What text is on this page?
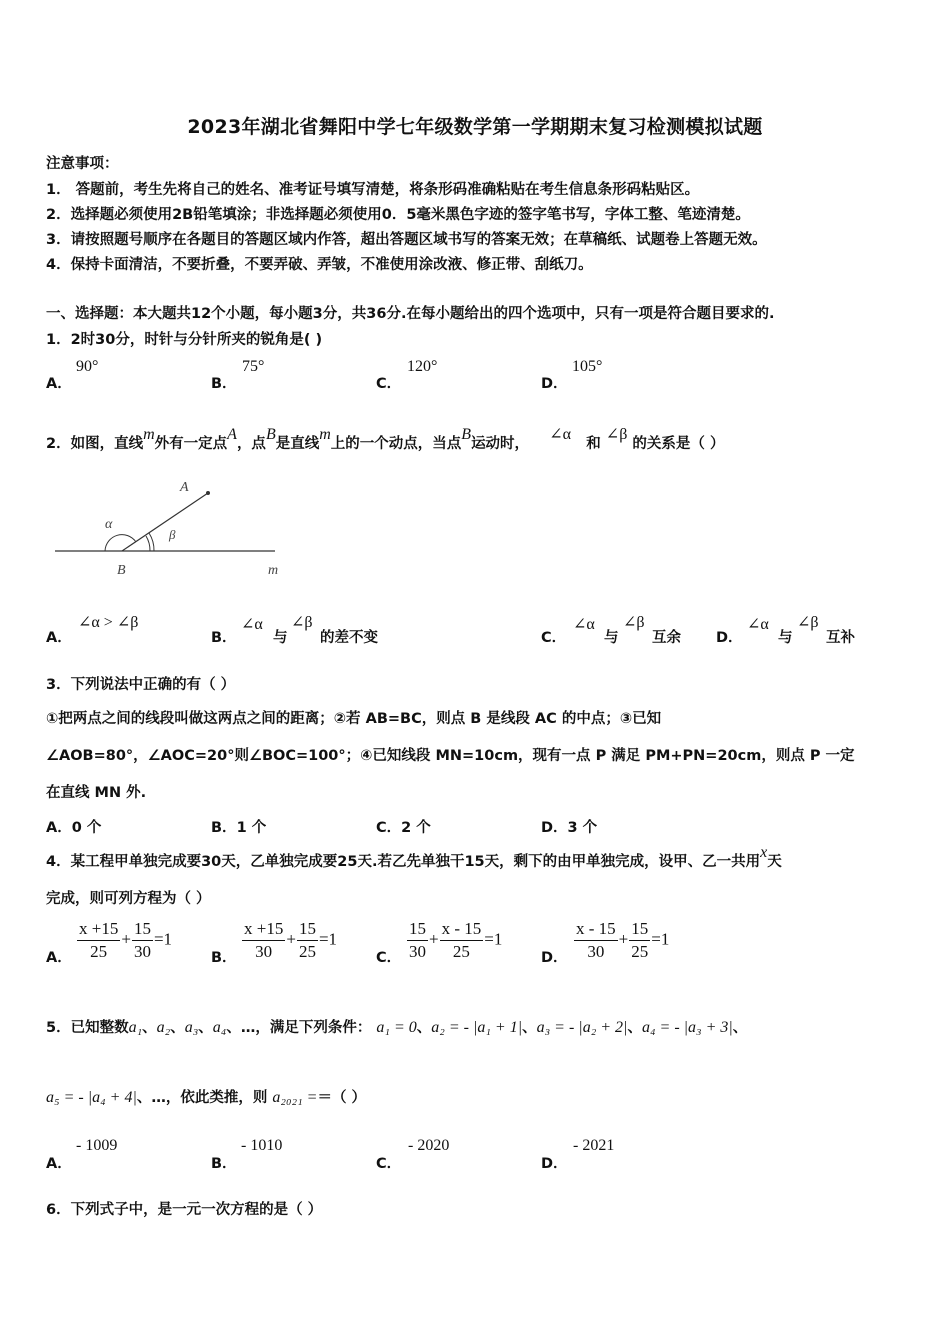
2023年湖北省舞阳中学七年级数学第一学期期末复习检测模拟试题
注意事项：
1． 答题前，考生先将自己的姓名、准考证号填写清楚，将条形码准确粘贴在考生信息条形码粘贴区。
2．选择题必须使用2B铅笔填涂；非选择题必须使用0．5毫米黑色字迹的签字笔书写，字体工整、笔迹清楚。
3．请按照题号顺序在各题目的答题区域内作答，超出答题区域书写的答案无效；在草稿纸、试题卷上答题无效。
4．保持卡面清洁，不要折叠，不要弄破、弄皱，不准使用涂改液、修正带、刮纸刀。
一、选择题：本大题共12个小题，每小题3分，共36分.在每小题给出的四个选项中，只有一项是符合题目要求的.
1．2时30分，时针与分针所夹的锐角是( )
A．
90°
B．
75°
C．
120°
D．
105°
2．如图，直线m外有一定点A，点B是直线m上的一个动点，当点B运动时，    ∠α   和 ∠β 的关系是（ ）
A
B	m
α
β
A．
∠α > ∠β
B．
∠α
与
∠β
的差不变	C．
∠α
与
∠β
互余 D．
∠α
与
∠β
互补
3．下列说法中正确的有（ ）
①把两点之间的线段叫做这两点之间的距离；②若 AB=BC，则点 B 是线段 AC 的中点；③已知
∠AOB=80°，∠AOC=20°则∠BOC=100°；④已知线段 MN=10cm，现有一点 P 满足 PM+PN=20cm，则点 P 一定
在直线 MN 外.
A．0 个	B．1 个	C．2 个	D．3 个
4．某工程甲单独完成要30天，乙单独完成要25天.若乙先单独干15天，剩下的由甲单独完成，设甲、乙一共用x天
完成，则可列方程为（ ）
A． $\frac{x +15}{25} + \frac{15}{30} =1$
B． $\frac{x +15}{30} + \frac{15}{25} =1$
C． $\frac{15}{30} + \frac{x - 15}{25} =1$
D． $\frac{x - 15}{30} + \frac{15}{25} =1$
5．已知整数a₁、a₂、a₃、a₄、…，满足下列条件： a₁ = 0、a₂ = - |a₁ + 1|、a₃ = - |a₂ + 2|、a₄ = - |a₃ + 3|、
a₅ = - |a₄ + 4|、…，依此类推，则 a₂₀₂₁ =＝（ ）
A．
- 1009
B．
- 1010
C．
- 2020
D．
- 2021
6．下列式子中，是一元一次方程的是（ ）
